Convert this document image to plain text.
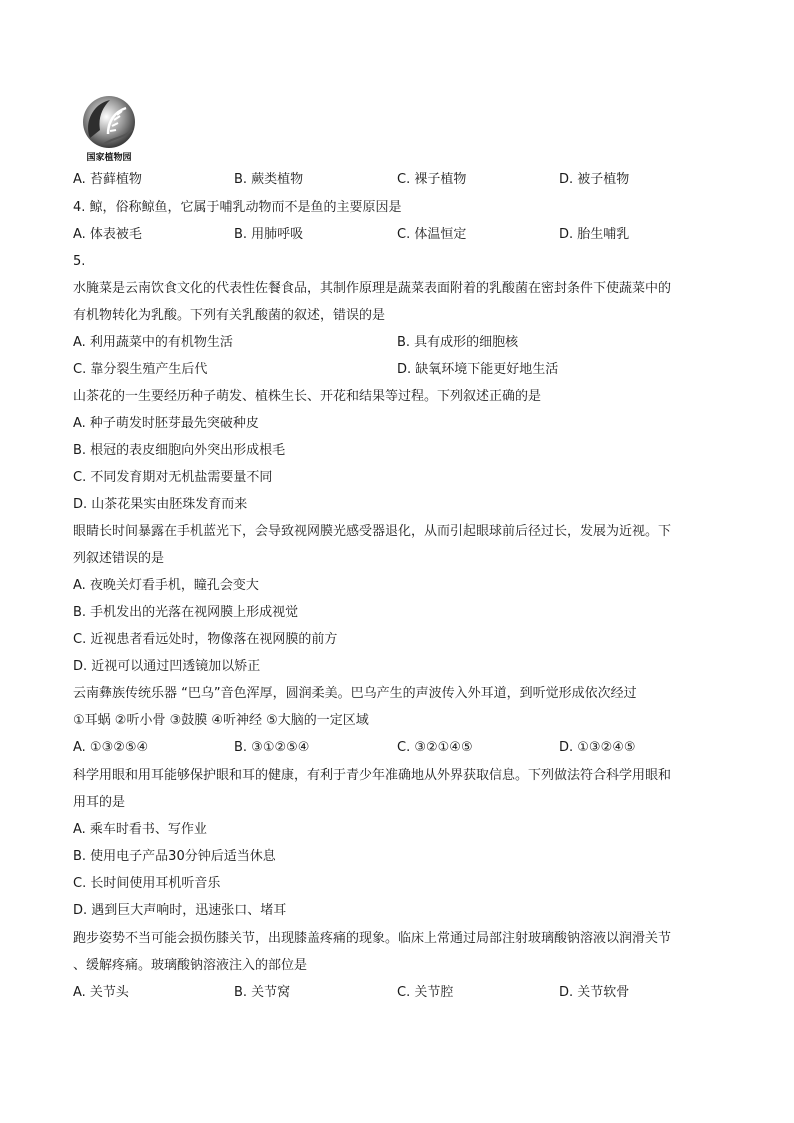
国家植物园
A. 苔藓植物	B. 蕨类植物	C. 裸子植物	D. 被子植物
4. 鲸，俗称鲸鱼，它属于哺乳动物而不是鱼的主要原因是
A. 体表被毛	B. 用肺呼吸	C. 体温恒定	D. 胎生哺乳
5.
水腌菜是云南饮食文化的代表性佐餐食品，其制作原理是蔬菜表面附着的乳酸菌在密封条件下使蔬菜中的
有机物转化为乳酸。下列有关乳酸菌的叙述，错误的是
A. 利用蔬菜中的有机物生活	B. 具有成形的细胞核
C. 靠分裂生殖产生后代	D. 缺氧环境下能更好地生活
山茶花的一生要经历种子萌发、植株生长、开花和结果等过程。下列叙述正确的是
A. 种子萌发时胚芽最先突破种皮
B. 根冠的表皮细胞向外突出形成根毛
C. 不同发育期对无机盐需要量不同
D. 山茶花果实由胚珠发育而来
眼睛长时间暴露在手机蓝光下，会导致视网膜光感受器退化，从而引起眼球前后径过长，发展为近视。下
列叙述错误的是
A. 夜晚关灯看手机，瞳孔会变大
B. 手机发出的光落在视网膜上形成视觉
C. 近视患者看远处时，物像落在视网膜的前方
D. 近视可以通过凹透镜加以矫正
云南彝族传统乐器 “巴乌”音色浑厚，圆润柔美。巴乌产生的声波传入外耳道，到听觉形成依次经过
①耳蜗 ②听小骨 ③鼓膜 ④听神经 ⑤大脑的一定区域
A. ①③②⑤④	B. ③①②⑤④	C. ③②①④⑤	D. ①③②④⑤
科学用眼和用耳能够保护眼和耳的健康，有利于青少年准确地从外界获取信息。下列做法符合科学用眼和
用耳的是
A. 乘车时看书、写作业
B. 使用电子产品30分钟后适当休息
C. 长时间使用耳机听音乐
D. 遇到巨大声响时，迅速张口、堵耳
跑步姿势不当可能会损伤膝关节，出现膝盖疼痛的现象。临床上常通过局部注射玻璃酸钠溶液以润滑关节
、缓解疼痛。玻璃酸钠溶液注入的部位是
A. 关节头	B. 关节窝	C. 关节腔	D. 关节软骨
